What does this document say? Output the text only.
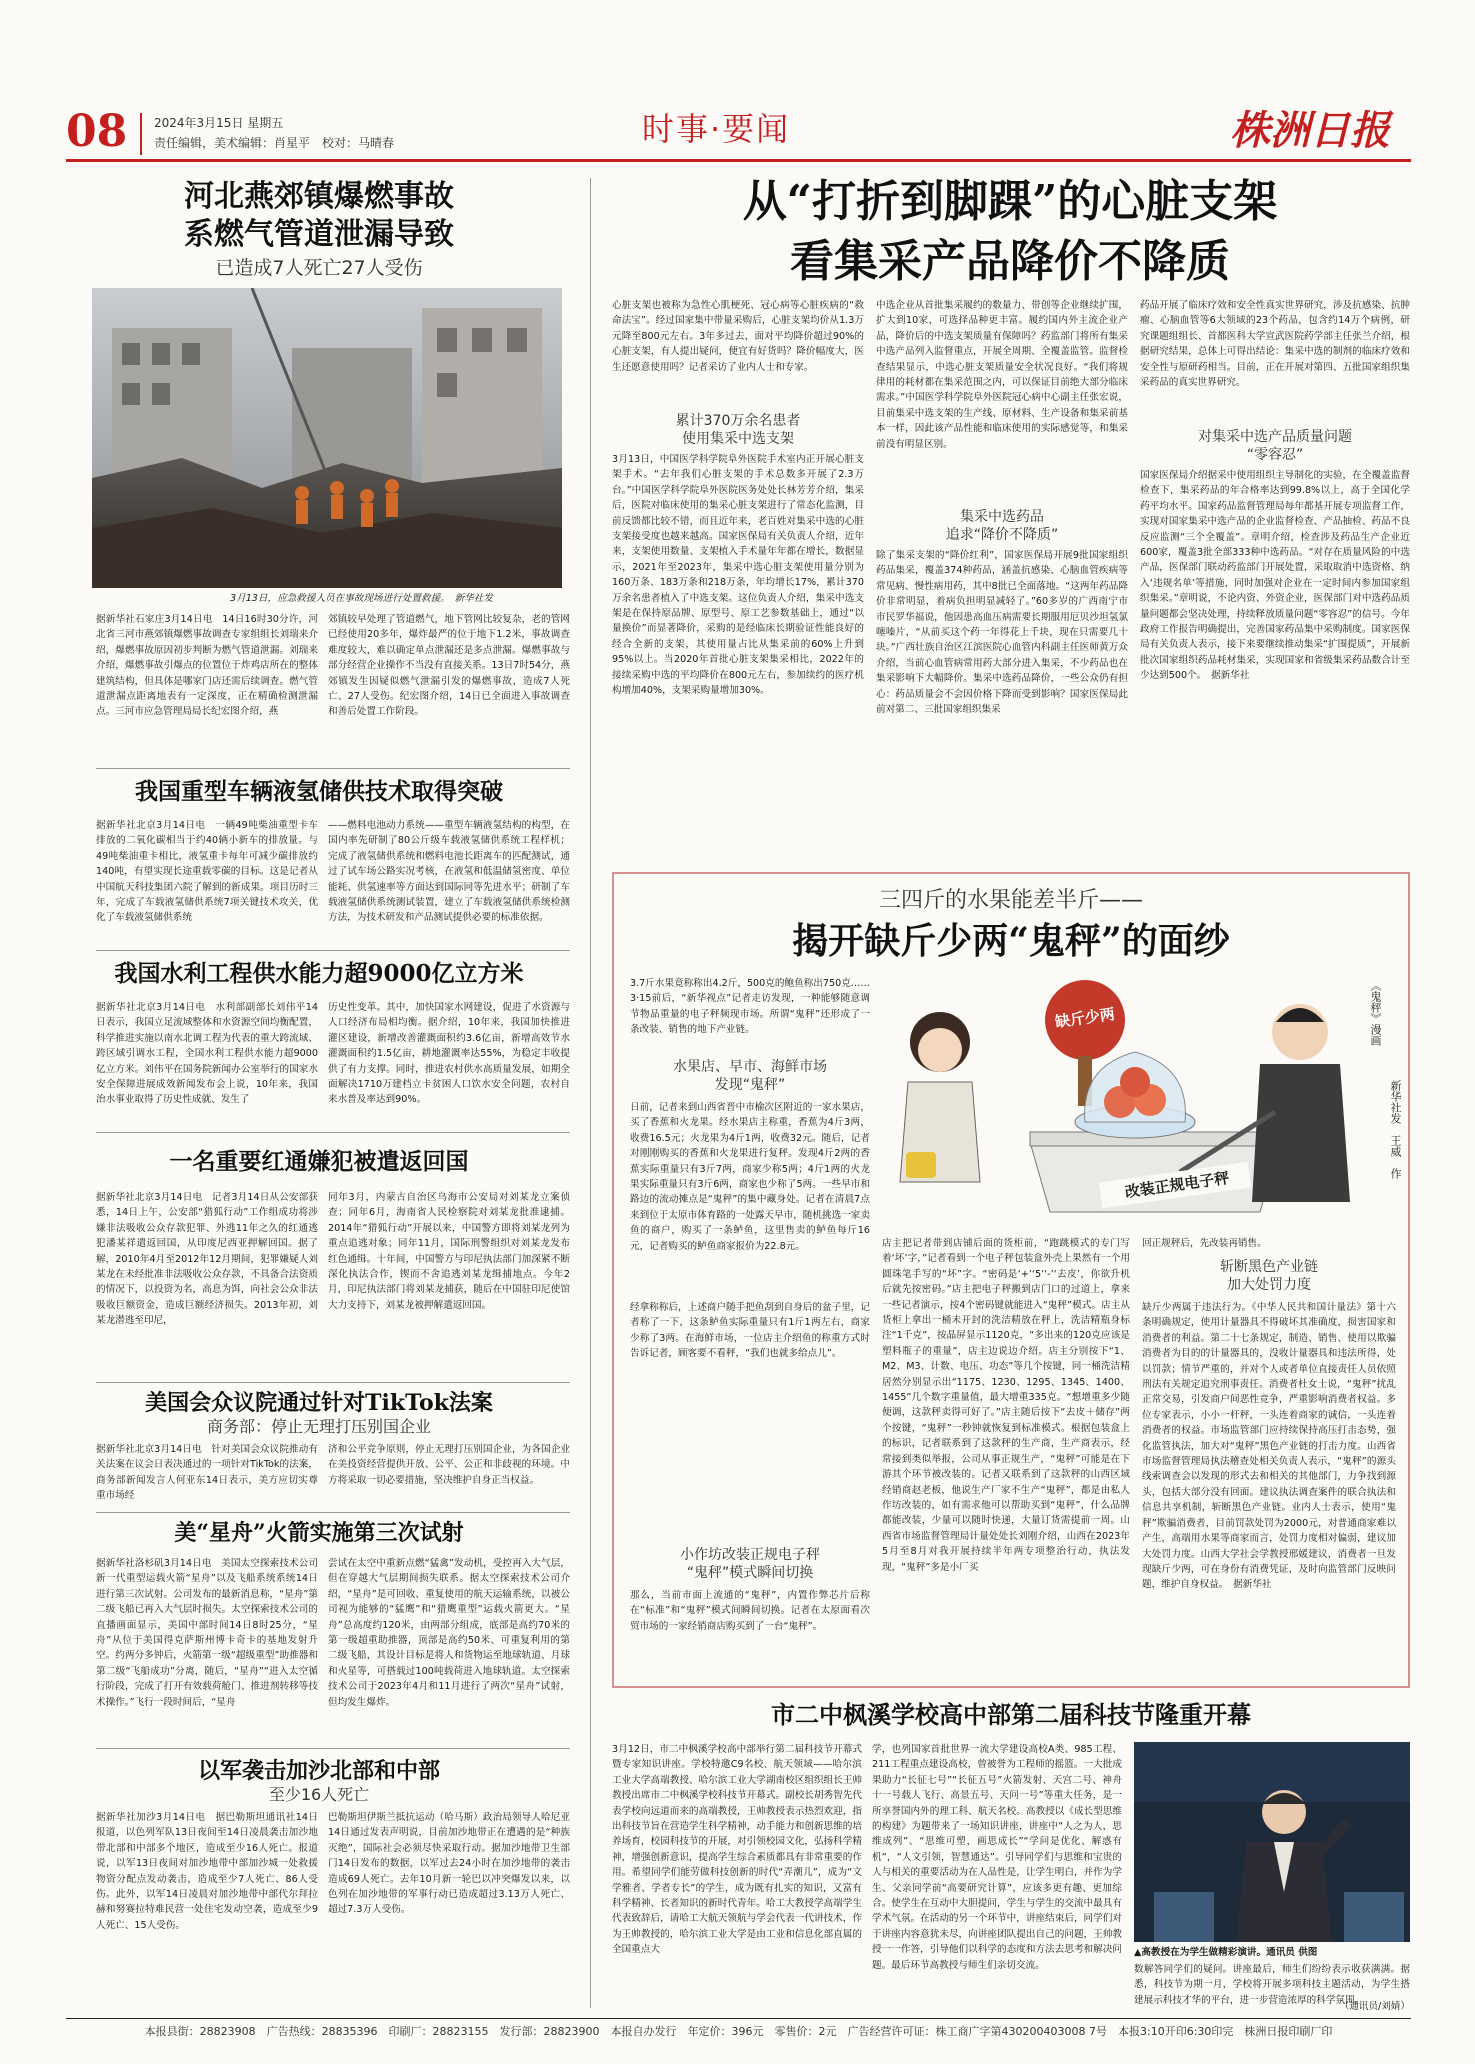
08 2024年3月15日 星期五
责任编辑，美术编辑：肖星平　校对：马晴春	时事·要闻	株洲日报
河北燕郊镇爆燃事故
系燃气管道泄漏导致
已造成7人死亡27人受伤
3月13日，应急救援人员在事故现场进行处置救援。　新华社发
据新华社石家庄3月14日电　14日16时30分许，河北省三河市燕郊镇爆燃事故调查专家组组长刘瑞来介绍，爆燃事故原因初步判断为燃气管道泄漏。刘瑞来介绍，爆燃事故引爆点的位置位于炸鸡店所在的整体建筑结构，但具体是哪家门店还需后续调查。燃气管道泄漏点距离地表有一定深度，正在精确检测泄漏点。三河市应急管理局局长纪宏图介绍，燕
郊镇较早处理了管道燃气，地下管网比较复杂，老的管网已经使用20多年，爆炸最严的位于地下1.2米，事故调查难度较大，难以确定单点泄漏还是多点泄漏。爆燃事故与部分经营企业操作不当没有直接关系。13日7时54分，燕郊镇发生因疑似燃气泄漏引发的爆燃事故，造成7人死亡、27人受伤。纪宏图介绍，14日已全面进入事故调查和善后处置工作阶段。
我国重型车辆液氢储供技术取得突破
据新华社北京3月14日电　一辆49吨柴油重型卡车排放的二氧化碳相当于约40辆小新车的排放量。与49吨柴油重卡相比，液氢重卡每年可减少碳排放约140吨，有望实现长途重载零碳的目标。这是记者从中国航天科技集团六院了解到的新成果。项目历时三年，完成了车载液氢储供系统7项关键技术攻关，优化了车载液氢储供系统
——燃料电池动力系统——重型车辆液氢结构的构型，在国内率先研制了80公斤级车载液氢储供系统工程样机；完成了液氢储供系统和燃料电池长距离车的匹配测试，通过了试车场公路实况考核，在液氢和低温储氢密度、单位能耗、供氢速率等方面达到国际同等先进水平；研制了车载液氢储供系统测试装置，建立了车载液氢储供系统检测方法，为技术研发和产品测试提供必要的标准依据。
我国水利工程供水能力超9000亿立方米
据新华社北京3月14日电　水利部副部长刘伟平14日表示，我国立足流域整体和水资源空间均衡配置，科学推进实施以南水北调工程为代表的重大跨流域、跨区域引调水工程，全国水利工程供水能力超9000亿立方米。刘伟平在国务院新闻办公室举行的国家水安全保障进展成效新闻发布会上说，10年来，我国治水事业取得了历史性成就、发生了
历史性变革。其中，加快国家水网建设，促进了水资源与人口经济布局相均衡。据介绍，10年来，我国加快推进灌区建设，新增改善灌溉面积约3.6亿亩，新增高效节水灌溉面积约1.5亿亩，耕地灌溉率达55%，为稳定丰收提供了有力支撑。同时，推进农村供水高质量发展，如期全面解决1710万建档立卡贫困人口饮水安全问题，农村自来水普及率达到90%。
一名重要红通嫌犯被遣返回国
据新华社北京3月14日电　记者3月14日从公安部获悉，14日上午，公安部“猎狐行动”工作组成功将涉嫌非法吸收公众存款犯罪、外逃11年之久的红通逃犯潘某祥遣返回国，从印度尼西亚押解回国。据了解，2010年4月至2012年12月期间，犯罪嫌疑人刘某龙在未经批准非法吸收公众存款，不具备合法资质的情况下，以投资为名，高息为饵，向社会公众非法吸收巨额资金，造成巨额经济损失。2013年初，刘某龙潜逃至印尼，
同年3月，内蒙古自治区乌海市公安局对刘某龙立案侦查；同年6月，海南省人民检察院对刘某龙批准逮捕。2014年“猎狐行动”开展以来，中国警方即将刘某龙列为重点追逃对象；同年11月，国际刑警组织对刘某龙发布红色通缉。十年间，中国警方与印尼执法部门加深紧不断深化执法合作，锲而不舍追逃刘某龙缉捕地点。今年2月，印尼执法部门将刘某龙捕获，随后在中国驻印尼使馆大力支持下，刘某龙被押解遣返回国。
美国会众议院通过针对TikTok法案
商务部：停止无理打压别国企业
据新华社北京3月14日电　针对美国会众议院推动有关法案在议会日表决通过的一项针对TikTok的法案，商务部新闻发言人何亚东14日表示，美方应切实尊重市场经
济和公平竞争原则，停止无理打压别国企业，为各国企业在美投资经营提供开放、公平、公正和非歧视的环境。中方将采取一切必要措施，坚决维护自身正当权益。
美“星舟”火箭实施第三次试射
据新华社洛杉矶3月14日电　美国太空探索技术公司新一代重型运载火箭“星舟”以及飞船系统系统14日进行第三次试射。公司发布的最新消息称，“星舟”第二级飞船已再入大气层时损失。太空探索技术公司的直播画面显示，美国中部时间14日8时25分，“星舟”从位于美国得克萨斯州博卡奇卡的基地发射升空。约两分多钟后，火箭第一级“超级重型”助推器和第二级“飞船成功”分离，随后，“星舟”“进入太空循行阶段，完成了打开有效载荷舱门、推进剂转移等技术操作。”飞行一段时间后，“星舟
尝试在太空中重新点燃“猛禽”发动机，受控再入大气层，但在穿越大气层期间损失联系。据太空探索技术公司介绍，“星舟”是可回收、重复使用的航天运输系统，以被公司视为能够的“猛鹰”和“猎鹰重型”运载火箭更大。“星舟”总高度约120米，由两部分组成，底部是高约70米的第一级超重助推器，顶部是高约50米、可重复利用的第二级飞船，其设计目标是将人和货物运至地球轨道、月球和火星等，可搭载过100吨载荷进入地球轨道。太空探索技术公司于2023年4月和11月进行了两次“星舟”试射，但均发生爆炸。
以军袭击加沙北部和中部
至少16人死亡
据新华社加沙3月14日电　据巴勒斯坦通讯社14日报道，以色列军队13日夜间至14日凌晨袭击加沙地带北部和中部多个地区，造成至少16人死亡。报道说，以军13日夜间对加沙地带中部加沙城一处救援物资分配点发动袭击，造成至少7人死亡、86人受伤。此外，以军14日凌晨对加沙地带中部代尔拜拉赫和努赛拉特难民营一处住宅发动空袭，造成至少9人死亡、15人受伤。
巴勒斯坦伊斯兰抵抗运动（哈马斯）政治局领导人哈尼亚14日通过发表声明说，目前加沙地带正在遭遇的是“种族灭绝”，国际社会必须尽快采取行动。据加沙地带卫生部门14日发布的数据，以军过去24小时在加沙地带的袭击造成69人死亡。去年10月新一轮巴以冲突爆发以来，以色列在加沙地带的军事行动已造成超过3.13万人死亡、超过7.3万人受伤。
从“打折到脚踝”的心脏支架
看集采产品降价不降质
心脏支架也被称为急性心肌梗死、冠心病等心脏疾病的“救命法宝”。经过国家集中带量采购后，心脏支架均价从1.3万元降至800元左右。3年多过去，面对平均降价超过90%的心脏支架，有人提出疑问，便宜有好货吗？降价幅度大，医生还愿意使用吗？记者采访了业内人士和专家。
累计370万余名患者
使用集采中选支架
3月13日，中国医学科学院阜外医院手术室内正开展心脏支架手术。“去年我们心脏支架的手术总数多开展了2.3万台。”中国医学科学院阜外医院医务处处长林芳芳介绍，集采后，医院对临床使用的集采心脏支架进行了常态化监测，目前反馈都比较不错，而且近年来，老百姓对集采中选的心脏支架接受度也越来越高。国家医保局有关负责人介绍，近年来，支架使用数量、支架植入手术量年年都在增长，数据显示，2021年至2023年，集采中选心脏支架使用量分别为160万条、183万条和218万条，年均增长17%，累计370万余名患者植入了中选支架。这位负责人介绍，集采中选支架是在保持原品牌、原型号、原工艺参数基础上，通过“以量换价”而显著降价，采购的是经临床长期验证性能良好的经合全新的支架，其使用量占比从集采前的60%上升到95%以上。当2020年首批心脏支架集采相比，2022年的接续采购中选的平均降价在800元左右，参加续约的医疗机构增加40%，支架采购量增加30%。
中选企业从首批集采履约的数量力、带创等企业继续扩围，扩大到10家，可选择品种更丰富。履约国内外主流企业产品，降价后的中选支架质量有保障吗？药监部门将所有集采中选产品列入监督重点，开展全周期、全覆盖监管。监督检查结果显示，中选心脏支架质量安全状况良好。“我们将规律用的耗材都在集采范围之内，可以保证目前绝大部分临床需求。”中国医学科学院阜外医院冠心病中心副主任张宏说，目前集采中选支架的生产线、原材料、生产设备和集采前基本一样，因此该产品性能和临床使用的实际感觉等，和集采前没有明显区别。
集采中选药品
追求“降价不降质”
除了集采支架的“降价红利”，国家医保局开展9批国家组织药品集采，覆盖374种药品，涵盖抗感染、心脑血管疾病等常见病、慢性病用药，其中8批已全面落地。“这两年药品降价非常明显，着病负担明显减轻了。”60多岁的广西南宁市市民罗华福说，他因患高血压病需要长期服用厄贝沙坦氢氯噻嗪片，“从前买这个药一年得花上千块，现在只需要几十块。”广西壮族自治区江滨医院心血管内科副主任医师黄万众介绍，当前心血管病常用药大部分进入集采，不少药品也在集采影响下大幅降价。集采中选药品降价，一些公众仍有担心：药品质量会不会因价格下降而受到影响？国家医保局此前对第二、三批国家组织集采
药品开展了临床疗效和安全性真实世界研究，涉及抗感染、抗肿瘤、心脑血管等6大领域的23个药品，包含约14万个病例，研究课题组组长、首都医科大学宣武医院药学部主任张兰介绍，根据研究结果，总体上可得出结论：集采中选的制剂的临床疗效和安全性与原研药相当。目前，正在开展对第四、五批国家组织集采药品的真实世界研究。
对集采中选产品质量问题
“零容忍”
国家医保局介绍据采中使用组织主导制化的实验，在全覆盖监督检查下，集采药品的年合格率达到99.8%以上，高于全国化学药平均水平。国家药品监督管理局每年都基开展专项监督工作，实现对国家集采中选产品的企业监督检查、产品抽检、药品不良反应监测“三个全覆盖”。章明介绍，检查涉及药品生产企业近600家，覆盖3批全部333种中选药品。“对存在质量风险的中选产品，医保部门联动药监部门开展处置，采取取消中选资格、纳入‘违规名单’等措施，同时加强对企业在一定时间内参加国家组织集采。”章明说，不论内资、外资企业，医保部门对中选药品质量问题都会坚决处理，持续释放质量问题“零容忍”的信号。今年政府工作报告明确提出，完善国家药品集中采购制度。国家医保局有关负责人表示，接下来要继续推动集采“扩围提质”，开展新批次国家组织药品耗材集采，实现国家和省级集采药品数合计至少达到500个。　据新华社
三四斤的水果能差半斤——
揭开缺斤少两“鬼秤”的面纱
3.7斤水果竟称称出4.2斤，500克的鲍鱼称出750克……3·15前后，“新华视点”记者走访发现，一种能够随意调节物品重量的电子秤频现市场。所谓“鬼秤”还形成了一条改装、销售的地下产业链。
水果店、早市、海鲜市场
发现“鬼秤”
日前，记者来到山西省晋中市榆次区附近的一家水果店，买了香蕉和火龙果。经水果店主称重，香蕉为4斤3两，收费16.5元；火龙果为4斤1两，收费32元。随后，记者对刚刚购买的香蕉和火龙果进行复秤。发现4斤2两的香蕉实际重量只有3斤7两，商家少称5两；4斤1两的火龙果实际重量只有3斤6两，商家也少称了5两。一些早市和路边的流动摊点是“鬼秤”的集中藏身处。记者在清晨7点来到位于太原市体育路的一处露天早市，随机挑选一家卖鱼的商户，购买了一条鲈鱼，这里售卖的鲈鱼每斤16元，记者购买的鲈鱼商家报价为22.8元。
缺斤少两
改装正规电子秤
《鬼秤》漫画
新华社发　王威　作
经拿称称后，上述商户随手把鱼刮到自身后的盆子里，记者称了一下，这条鲈鱼实际重量只有1斤1两左右，商家少称了3两。在海鲜市场，一位店主介绍鱼的称重方式时告诉记者，顾客要不看秤，“我们也就多给点儿”。
小作坊改装正规电子秤
“鬼秤”模式瞬间切换
那么，当前市面上流通的“鬼秤”，内置作弊芯片后称在“标准”和“鬼秤”模式间瞬间切换。记者在太原面看次贸市场的一家经销商店购买到了一台“鬼秤”。
店主把记者带到店铺后面的货柜前，“跑跳模式的专门写着‘坏’字，”记者看到一个电子秤包装盒外壳上果然有一个用圆珠笔手写的“坏”字。“密码是‘+’‘5’‘-’‘去皮’，你欲升机后就先按密码。”店主把电子秤搬到店门口的过道上，拿来一些记者演示，按4个密码键就能进入“鬼秤”模式。店主从货柜上拿出一桶未开封的洗洁精放在秤上，洗洁精瓶身标注“1千克”，按晶屏显示1120克，“多出来的120克应该是塑料瓶子的重量”，店主边说边介绍。店主分别按下“1、M2、M3、计数、电压、功态”等几个按键，同一桶洗洁精居然分别显示出“1175、1230、1295、1345、1400、1455”几个数字重量值，最大增重335克。“想增重多少随便调，这款秤卖得可好了。”店主随后按下“去皮＋储存”两个按键，“鬼秤”一秒钟就恢复到标准模式。根据包装盒上的标识，记者联系到了这款秤的生产商，生产商表示，经常接到类似举报，公司从事正规生产，“鬼秤”可能是在下游其个环节被改装的。记者又联系到了这款秤的山西区域经销商赵老板，他说生产厂家不生产“鬼秤”，都是由私人作坊改装的，如有需求他可以帮助买到“鬼秤”，什么品牌都能改装，少量可以随时快递，大量订货需提前一周。山西省市场监督管理局计量处处长刘刚介绍，山西在2023年5月至8月对我开展持续半年两专项整治行动，执法发现，“鬼秤”多是小厂买
回正规秤后，先改装再销售。
斩断黑色产业链
加大处罚力度
缺斤少两属于违法行为。《中华人民共和国计量法》第十六条明确规定，使用计量器具不得破坏其准确度，损害国家和消费者的利益。第二十七条规定，制造、销售、使用以欺骗消费者为目的的计量器具的，没收计量器具和违法所得，处以罚款；情节严重的，并对个人或者单位直接责任人员依照刑法有关规定追究刑事责任。消费者杜女士说，“鬼秤”扰乱正常交易，引发商户间恶性竞争，严重影响消费者权益。多位专家表示，小小一杆秤，一头连着商家的诚信，一头连着消费者的权益。市场监管部门应持续保持高压打击态势，强化监管执法，加大对“鬼秤”黑色产业链的打击力度。山西省市场监督管理局执法稽查处相关负责人表示，“鬼秤”的源头线索调查会以发现的形式去和相关的其他部门，力争找到源头，包括大部分没有回面。建议执法调查案件的联合执法和信息共享机制，斩断黑色产业链。业内人士表示，使用“鬼秤”欺骗消费者，目前罚款处罚为2000元，对普通商家难以产生，高端用水果等商家而言，处罚力度相对偏弱，建议加大处罚力度。山西大学社会学教授邢媛建议，消费者一旦发现缺斤少两，可在身份有消费凭证，及时向监管部门反映问题，维护自身权益。　据新华社
市二中枫溪学校高中部第二届科技节隆重开幕
3月12日，市二中枫溪学校高中部举行第二届科技节开幕式暨专家知识讲座。学校特邀C9名校、航天领域——哈尔滨工业大学高端教授、哈尔滨工业大学湖南校区组织组长王帅教授出席市二中枫溪学校科技节开幕式。副校长胡秀智先代表学校向远道而来的高端教授，王帅教授表示热烈欢迎，指出科技节旨在营造学生科学精神，动手能力和创新思维的培养场育，校园科技节的开展，对引领校园文化，弘扬科学精神，增强创新意识，提高学生综合素质都具有非常重要的作用。希望同学们能劳做科技创新的时代“弄潮儿”，成为“文学雅者、学者专长”的学生，成为既有扎实的知识，又富有科学精神、长者知识的新时代青年。哈工大教授学高端学生代表致辞后，请哈工大航天领航与学会代表一代讲技术，作为王帅教授的，哈尔滨工业大学是由工业和信息化部直属的全国重点大
学，也列国家首批世界一流大学建设高校A类、985工程、211工程重点建设高校，曾被誉为工程师的摇篮。一大批成果助力“长征七号”“长征五号”火箭发射、天宫二号、神舟十一号载人飞行、高景五号、天问一号”等重大任务，是一所享誉国内外的理工科、航天名校。高教授以《成长型思维的构建》为题带来了一场知识讲座，讲座中“人之为人，思维成列”、“思维可塑，画思成长”“学问是优化、解惑有机”，“人文引领，智慧通达”。引导同学们与思维和宝贵的人与相关的重要活动为在人品性是，让学生明白，并作为学生、父亲同学前“高要研究计算”，应该多更有趣、更加综合。使学生在互动中大胆提问，学生与学生的交流中最具有学术气氛。在活动的另一个环节中，讲座结束后，同学们对于讲座内容意犹未尽，向讲座团队提出自己的问题，王帅教授一一作答，引导他们以科学的态度和方法去思考和解决问题。最后环节高教授与师生们亲切交流。
▲高教授在为学生做精彩演讲。通讯员 供图
数解答同学们的疑问。讲座最后，师生们纷纷表示收获满满。据悉，科技节为期一月，学校将开展多项科技主题活动，为学生搭建展示科技才华的平台，进一步营造浓厚的科学氛围。
（通讯员/刘婧）
本报县街：28823908　广告热线：28835396　印刷厂：28823155　发行部：28823900　本报自办发行　年定价：396元　零售价：2元　广告经营许可证：株工商广字第430200403008 7号　本报3:10开印6:30印完　株洲日报印刷厂印
